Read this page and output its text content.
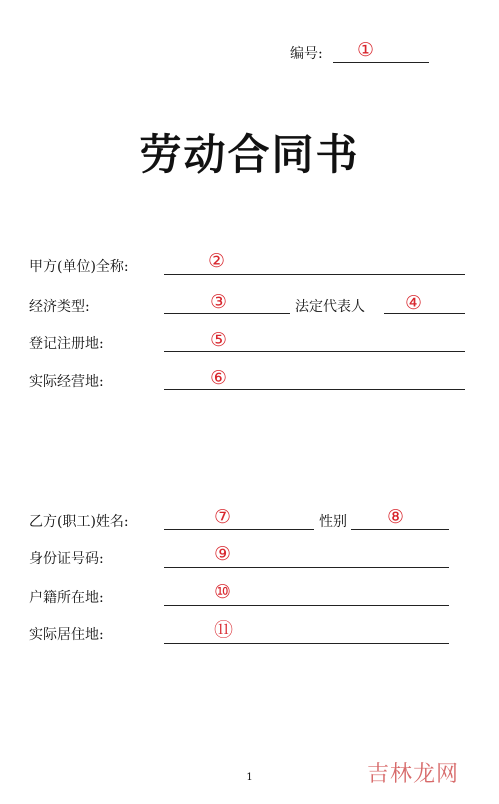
编号: ①
劳动合同书
甲方(单位)全称:	②
经济类型:	③	法定代表人 ④
登记注册地:	⑤
实际经营地:	⑥
乙方(职工)姓名:	⑦	性别 ⑧
身份证号码:	⑨
户籍所在地:	⑩
实际居住地:	⑪
1	吉林龙网
